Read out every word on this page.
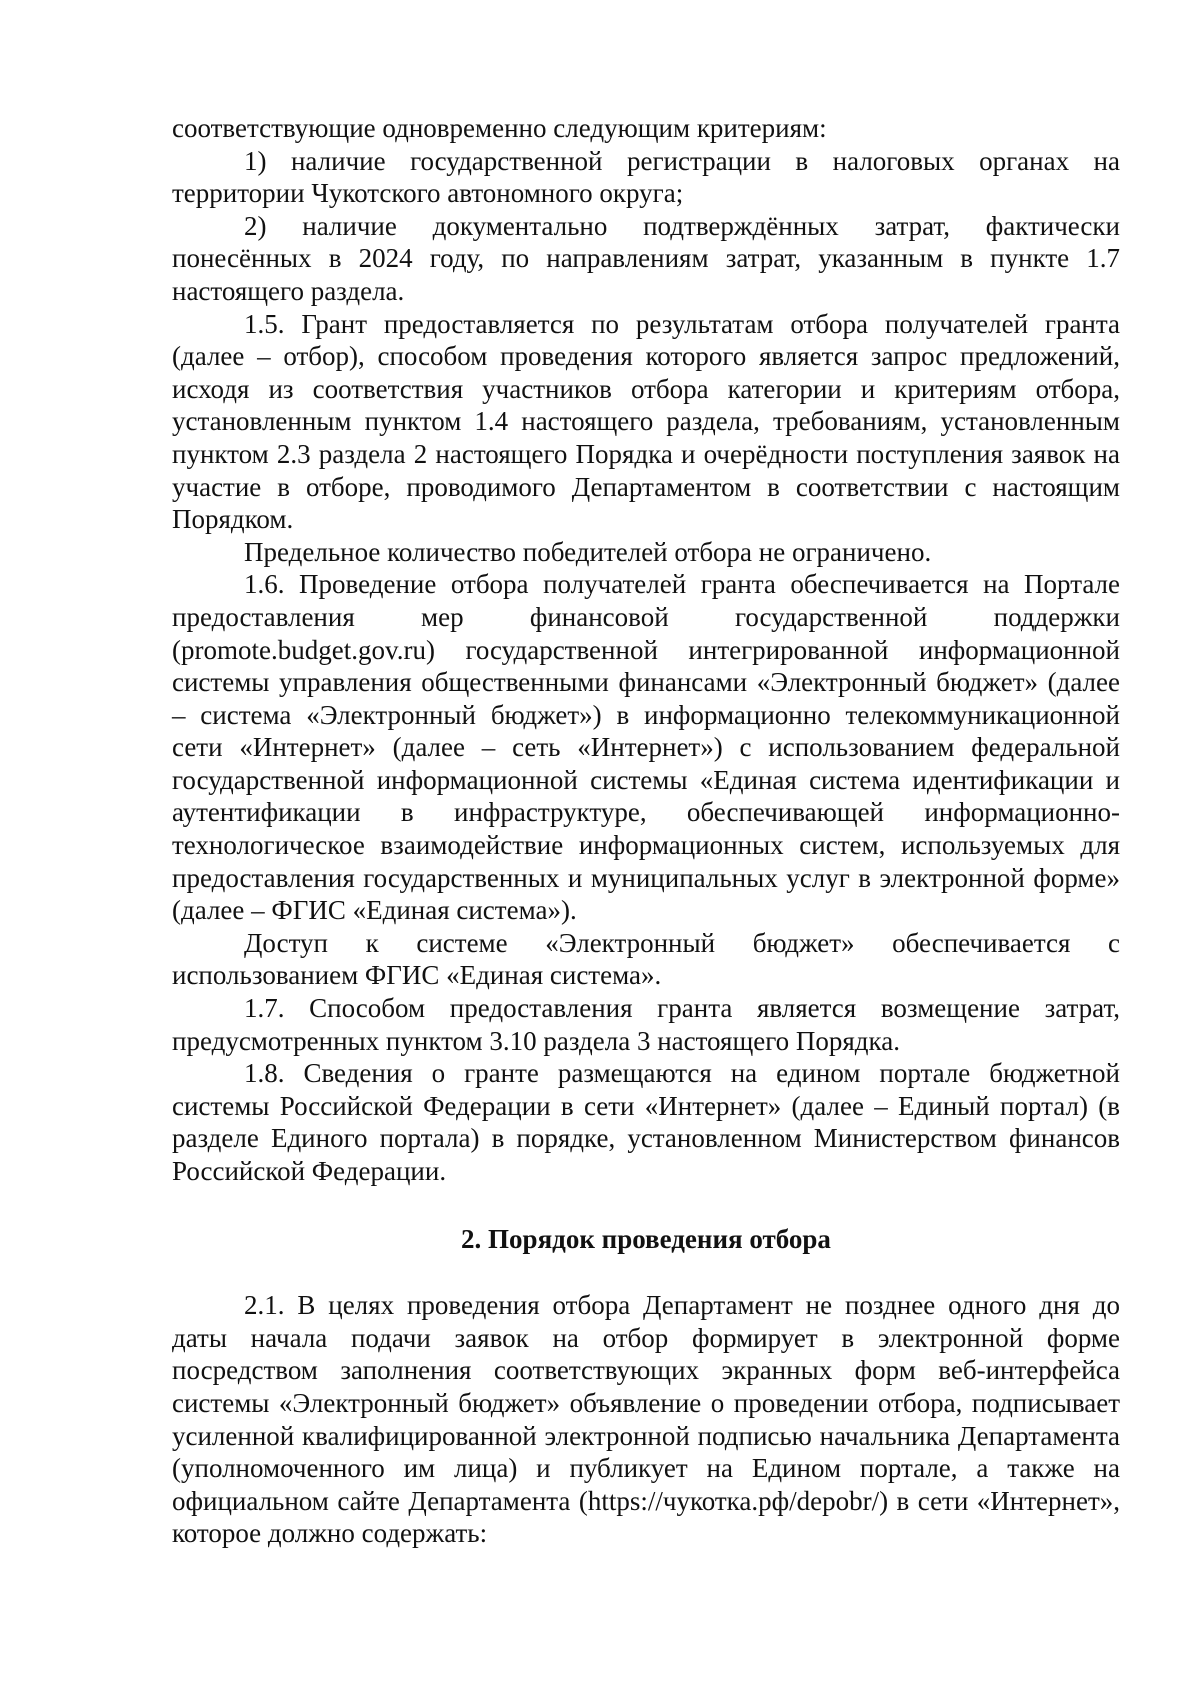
соответствующие одновременно следующим критериям:

1) наличие государственной регистрации в налоговых органах на территории Чукотского автономного округа;

2) наличие документально подтверждённых затрат, фактически понесённых в 2024 году, по направлениям затрат, указанным в пункте 1.7 настоящего раздела.

1.5. Грант предоставляется по результатам отбора получателей гранта (далее – отбор), способом проведения которого является запрос предложений, исходя из соответствия участников отбора категории и критериям отбора, установленным пунктом 1.4 настоящего раздела, требованиям, установленным пунктом 2.3 раздела 2 настоящего Порядка и очерёдности поступления заявок на участие в отборе, проводимого Департаментом в соответствии с настоящим Порядком.

Предельное количество победителей отбора не ограничено.

1.6. Проведение отбора получателей гранта обеспечивается на Портале предоставления мер финансовой государственной поддержки (promote.budget.gov.ru) государственной интегрированной информационной системы управления общественными финансами «Электронный бюджет» (далее – система «Электронный бюджет») в информационно телекоммуникационной сети «Интернет» (далее – сеть «Интернет») с использованием федеральной государственной информационной системы «Единая система идентификации и аутентификации в инфраструктуре, обеспечивающей информационно-технологическое взаимодействие информационных систем, используемых для предоставления государственных и муниципальных услуг в электронной форме» (далее – ФГИС «Единая система»).

Доступ к системе «Электронный бюджет» обеспечивается с использованием ФГИС «Единая система».

1.7. Способом предоставления гранта является возмещение затрат, предусмотренных пунктом 3.10 раздела 3 настоящего Порядка.

1.8. Сведения о гранте размещаются на едином портале бюджетной системы Российской Федерации в сети «Интернет» (далее – Единый портал) (в разделе Единого портала) в порядке, установленном Министерством финансов Российской Федерации.

2. Порядок проведения отбора

2.1. В целях проведения отбора Департамент не позднее одного дня до даты начала подачи заявок на отбор формирует в электронной форме посредством заполнения соответствующих экранных форм веб-интерфейса системы «Электронный бюджет» объявление о проведении отбора, подписывает усиленной квалифицированной электронной подписью начальника Департамента (уполномоченного им лица) и публикует на Едином портале, а также на официальном сайте Департамента (https://чукотка.рф/depobr/) в сети «Интернет», которое должно содержать:
